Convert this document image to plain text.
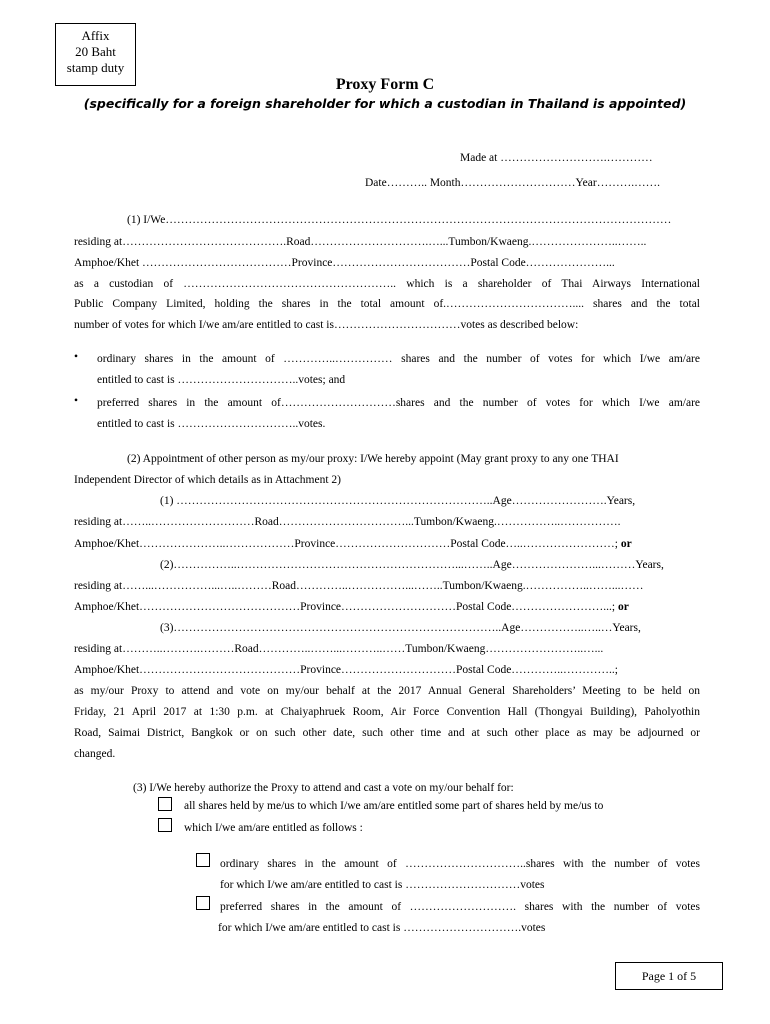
Affix
20 Baht
stamp duty
Proxy Form C
(specifically for a foreign shareholder for which a custodian in Thailand is appointed)
Made at ……………………….…………
Date……….. Month…………………………Year……….…….
(1) I/We……………………………………………………………………………………………………………………
residing at…………………………………….Road………………………….…...Tumbon/Kwaeng.…………………..……..
Amphoe/Khet …………………………………Province………………………………Postal Code…………………...
as a custodian of ……………………………………………….. which is a shareholder of Thai Airways International
Public Company Limited, holding the shares in the total amount of.…………………………….... shares and the total
number of votes for which I/we am/are entitled to cast is……………………………votes as described below:
•	ordinary shares in the amount of …………..…………… shares and the number of votes for which I/we am/are
entitled to cast is …………………………..votes; and
•	preferred shares in the amount of…………………………shares and the number of votes for which I/we am/are
entitled to cast is …………………………..votes.
(2) Appointment of other person as my/our proxy: I/We hereby appoint (May grant proxy to any one THAI
Independent Director of which details as in Attachment 2)
(1) ………………………………………………………………………..Age…………………….Years,
residing at……..………………………Road……………………………...Tumbon/Kwaeng.……………..…………….
Amphoe/Khet…………………..………………Province…………………………Postal Code…..……………………; or
(2)……………..…………………………………………………...……..Age…………………...………Years,
residing at……...……………...…..………Road…………..……………...……..Tumbon/Kwaeng.……………..……...……
Amphoe/Khet……………………………………Province…………………………Postal Code……………………...; or
(3)…………………………………………………………………………..Age……………..…..…Years,
residing at………..……….………Road…………..……...………..……Tumbon/Kwaeng……………………..…...
Amphoe/Khet……………………………………Province…………………………Postal Code…………..…………..;
as my/our Proxy to attend and vote on my/our behalf at the 2017 Annual General Shareholders’ Meeting to be held on
Friday, 21 April 2017 at 1:30 p.m. at Chaiyaphruek Room, Air Force Convention Hall (Thongyai Building), Paholyothin
Road, Saimai District, Bangkok or on such other date, such other time and at such other place as may be adjourned or
changed.
(3) I/We hereby authorize the Proxy to attend and cast a vote on my/our behalf for:
all shares held by me/us to which I/we am/are entitled some part of shares held by me/us to
which I/we am/are entitled as follows :
ordinary shares in the amount of …………………………..shares with the number of votes
for which I/we am/are entitled to cast is …………………………votes
preferred shares in the amount of ………………………. shares with the number of votes
for which I/we am/are entitled to cast is ………………………….votes
Page 1 of 5
